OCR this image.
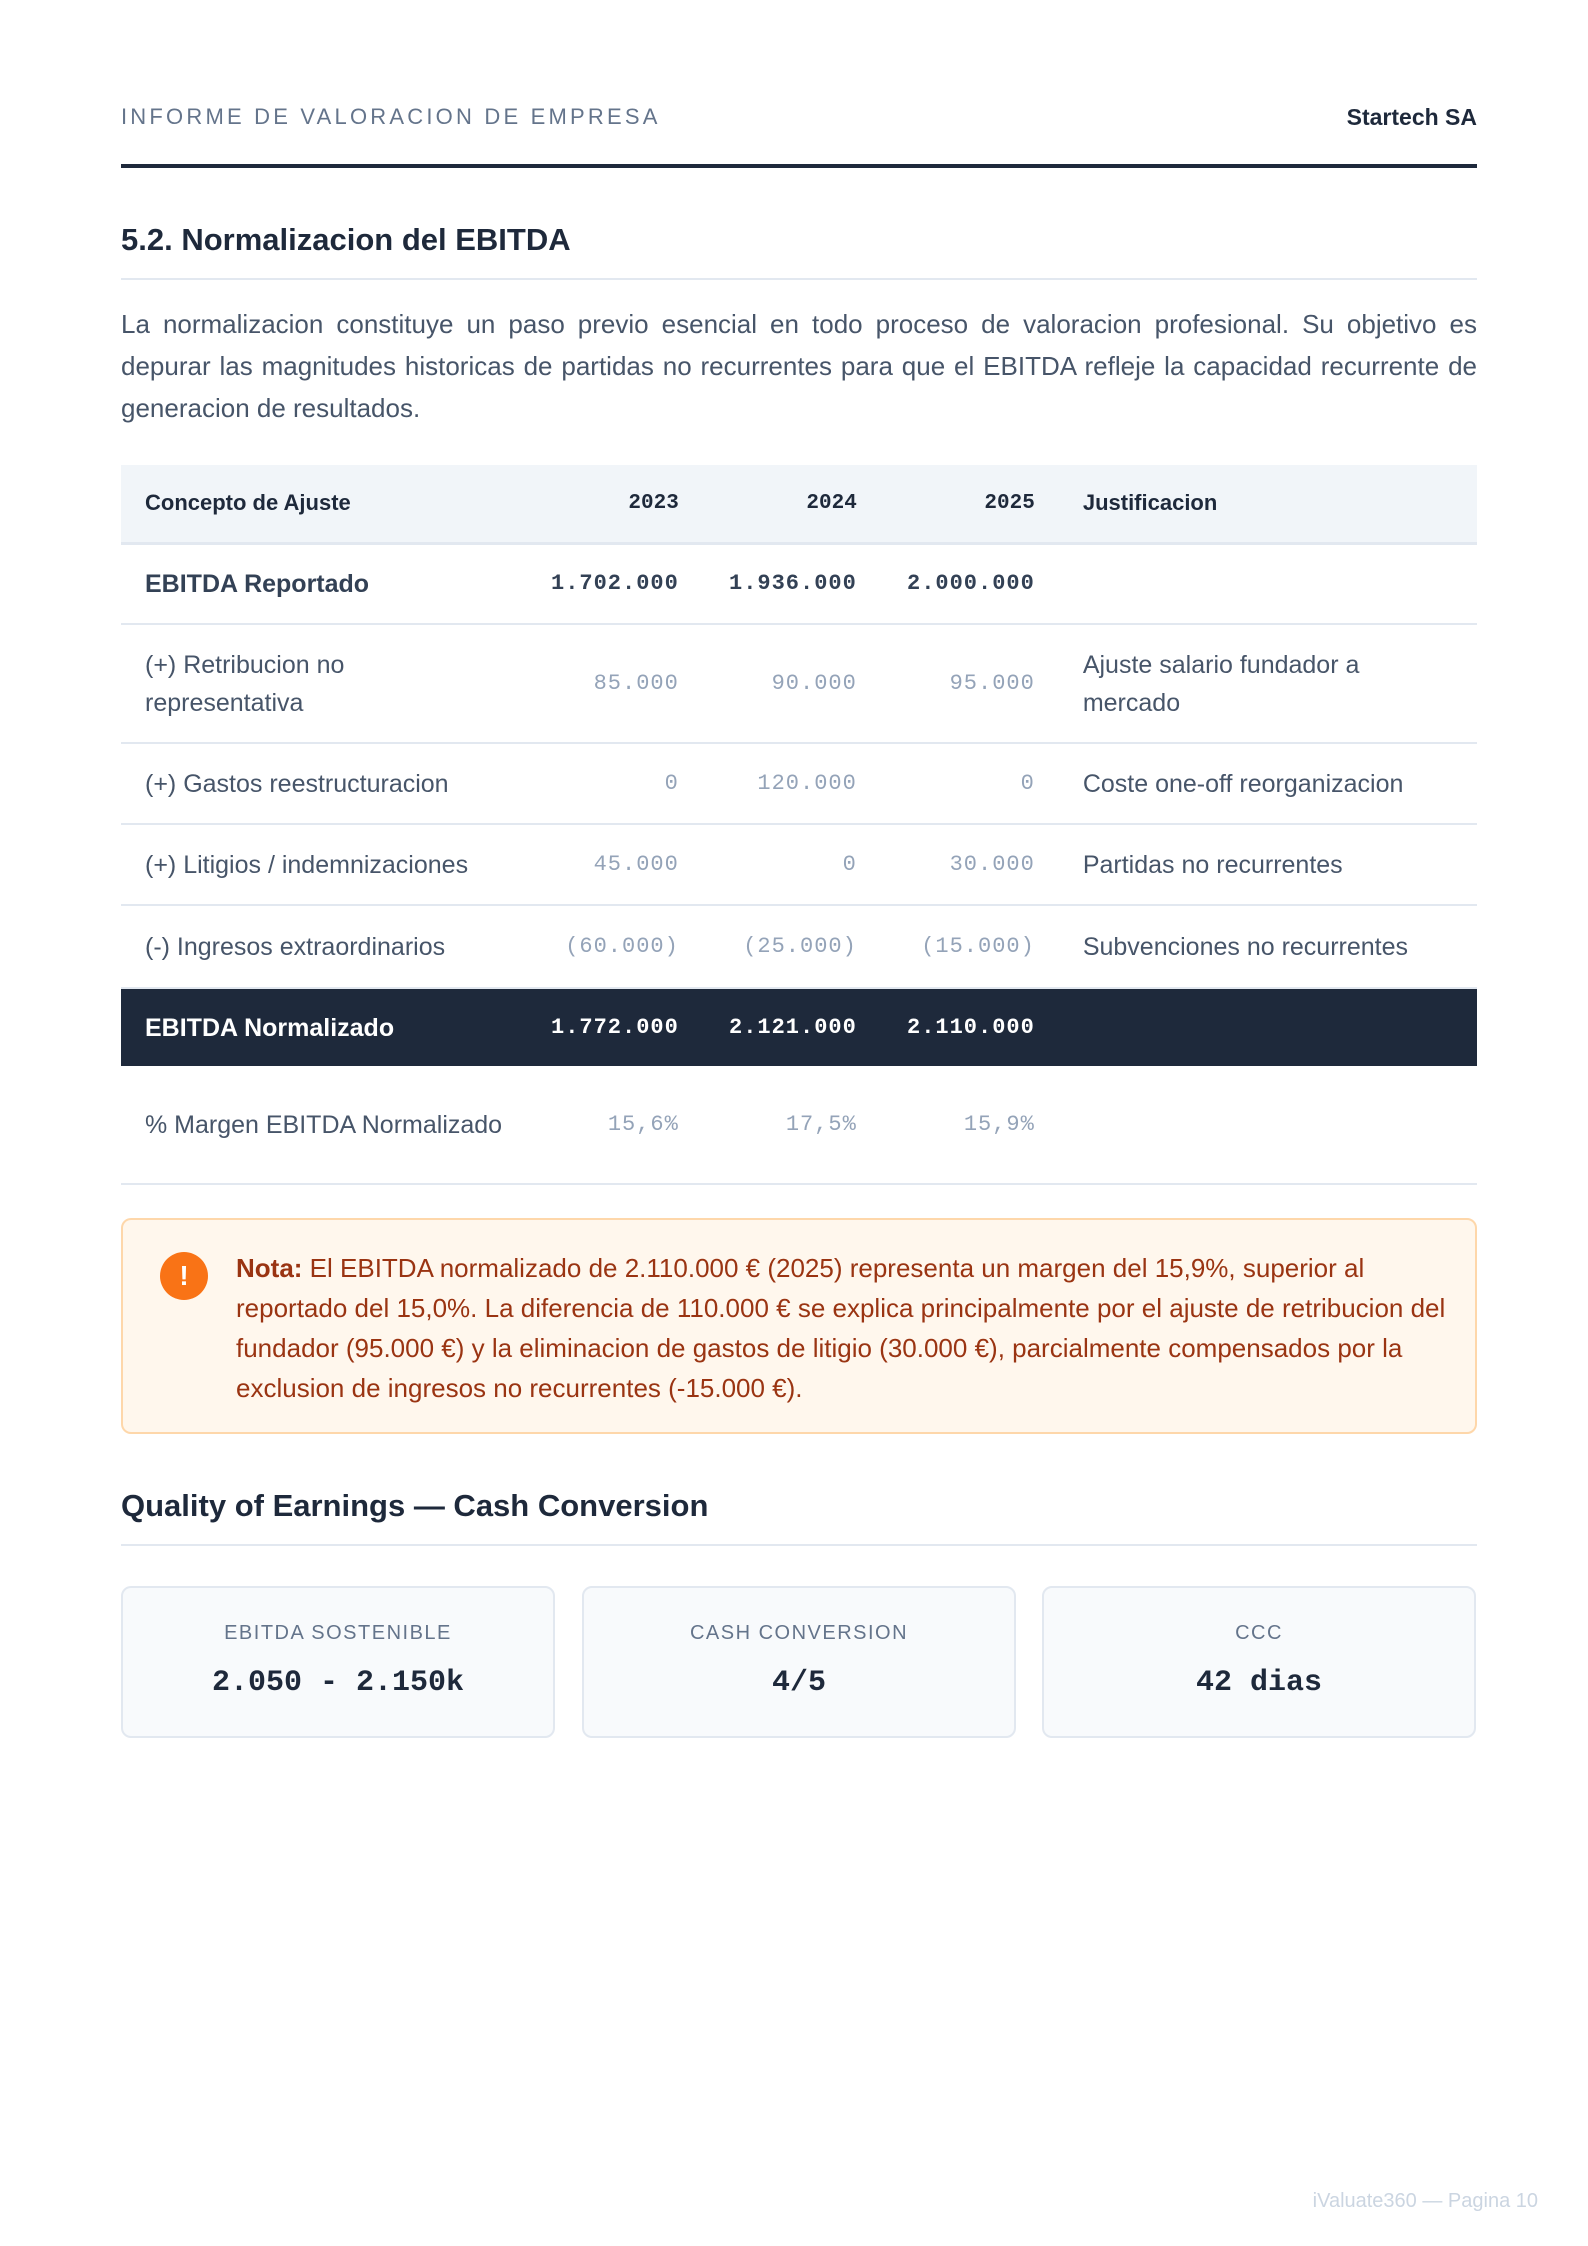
INFORME DE VALORACION DE EMPRESA	Startech SA
5.2. Normalizacion del EBITDA

La normalizacion constituye un paso previo esencial en todo proceso de valoracion profesional. Su objetivo es depurar las magnitudes historicas de partidas no recurrentes para que el EBITDA refleje la capacidad recurrente de generacion de resultados.

Concepto de Ajuste	2023	2024	2025	Justificacion
EBITDA Reportado	1.702.000	1.936.000	2.000.000	
(+) Retribucion no representativa	85.000	90.000	95.000	Ajuste salario fundador a mercado
(+) Gastos reestructuracion	0	120.000	0	Coste one-off reorganizacion
(+) Litigios / indemnizaciones	45.000	0	30.000	Partidas no recurrentes
(-) Ingresos extraordinarios	(60.000)	(25.000)	(15.000)	Subvenciones no recurrentes
EBITDA Normalizado	1.772.000	2.121.000	2.110.000	
% Margen EBITDA Normalizado	15,6%	17,5%	15,9%	
!	Nota: El EBITDA normalizado de 2.110.000 € (2025) representa un margen del 15,9%, superior al reportado del 15,0%. La diferencia de 110.000 € se explica principalmente por el ajuste de retribucion del fundador (95.000 €) y la eliminacion de gastos de litigio (30.000 €), parcialmente compensados por la exclusion de ingresos no recurrentes (-15.000 €).
Quality of Earnings — Cash Conversion
EBITDA SOSTENIBLE
2.050 - 2.150k
CASH CONVERSION
4/5
CCC
42 dias
iValuate360 — Pagina 10
